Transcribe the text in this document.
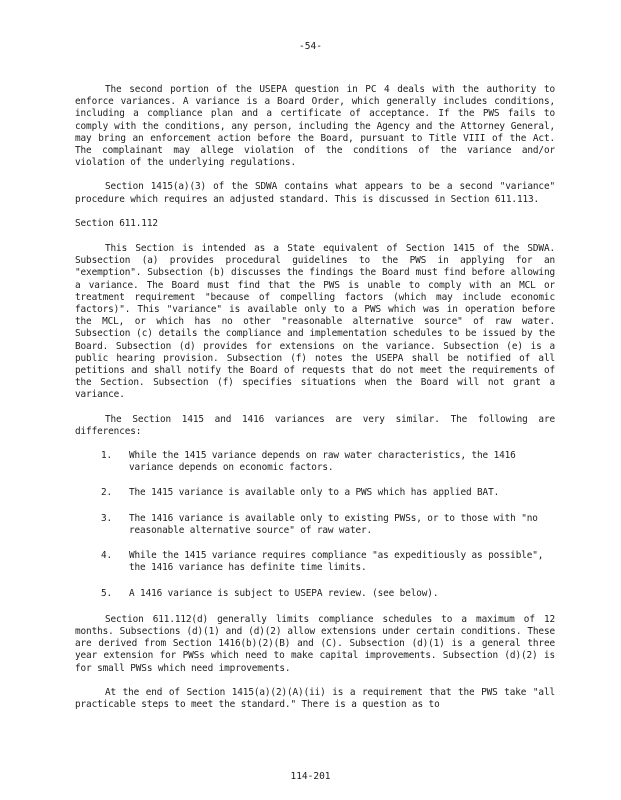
-54-

The second portion of the USEPA question in PC 4 deals with the authority to enforce variances. A variance is a Board Order, which generally includes conditions, including a compliance plan and a certificate of acceptance. If the PWS fails to comply with the conditions, any person, including the Agency and the Attorney General, may bring an enforcement action before the Board, pursuant to Title VIII of the Act. The complainant may allege violation of the conditions of the variance and/or violation of the underlying regulations.

Section 1415(a)(3) of the SDWA contains what appears to be a second "variance" procedure which requires an adjusted standard. This is discussed in Section 611.113.

Section 611.112

This Section is intended as a State equivalent of Section 1415 of the SDWA. Subsection (a) provides procedural guidelines to the PWS in applying for an "exemption". Subsection (b) discusses the findings the Board must find before allowing a variance. The Board must find that the PWS is unable to comply with an MCL or treatment requirement "because of compelling factors (which may include economic factors)". This "variance" is available only to a PWS which was in operation before the MCL, or which has no other "reasonable alternative source" of raw water. Subsection (c) details the compliance and implementation schedules to be issued by the Board. Subsection (d) provides for extensions on the variance. Subsection (e) is a public hearing provision. Subsection (f) notes the USEPA shall be notified of all petitions and shall notify the Board of requests that do not meet the requirements of the Section. Subsection (f) specifies situations when the Board will not grant a variance.

The Section 1415 and 1416 variances are very similar. The following are differences:

1. While the 1415 variance depends on raw water characteristics, the 1416 variance depends on economic factors.
2. The 1415 variance is available only to a PWS which has applied BAT.
3. The 1416 variance is available only to existing PWSs, or to those with "no reasonable alternative source" of raw water.
4. While the 1415 variance requires compliance "as expeditiously as possible", the 1416 variance has definite time limits.
5. A 1416 variance is subject to USEPA review. (see below).

Section 611.112(d) generally limits compliance schedules to a maximum of 12 months. Subsections (d)(1) and (d)(2) allow extensions under certain conditions. These are derived from Section 1416(b)(2)(B) and (C). Subsection (d)(1) is a general three year extension for PWSs which need to make capital improvements. Subsection (d)(2) is for small PWSs which need improvements.

At the end of Section 1415(a)(2)(A)(ii) is a requirement that the PWS take "all practicable steps to meet the standard." There is a question as to

114-201
